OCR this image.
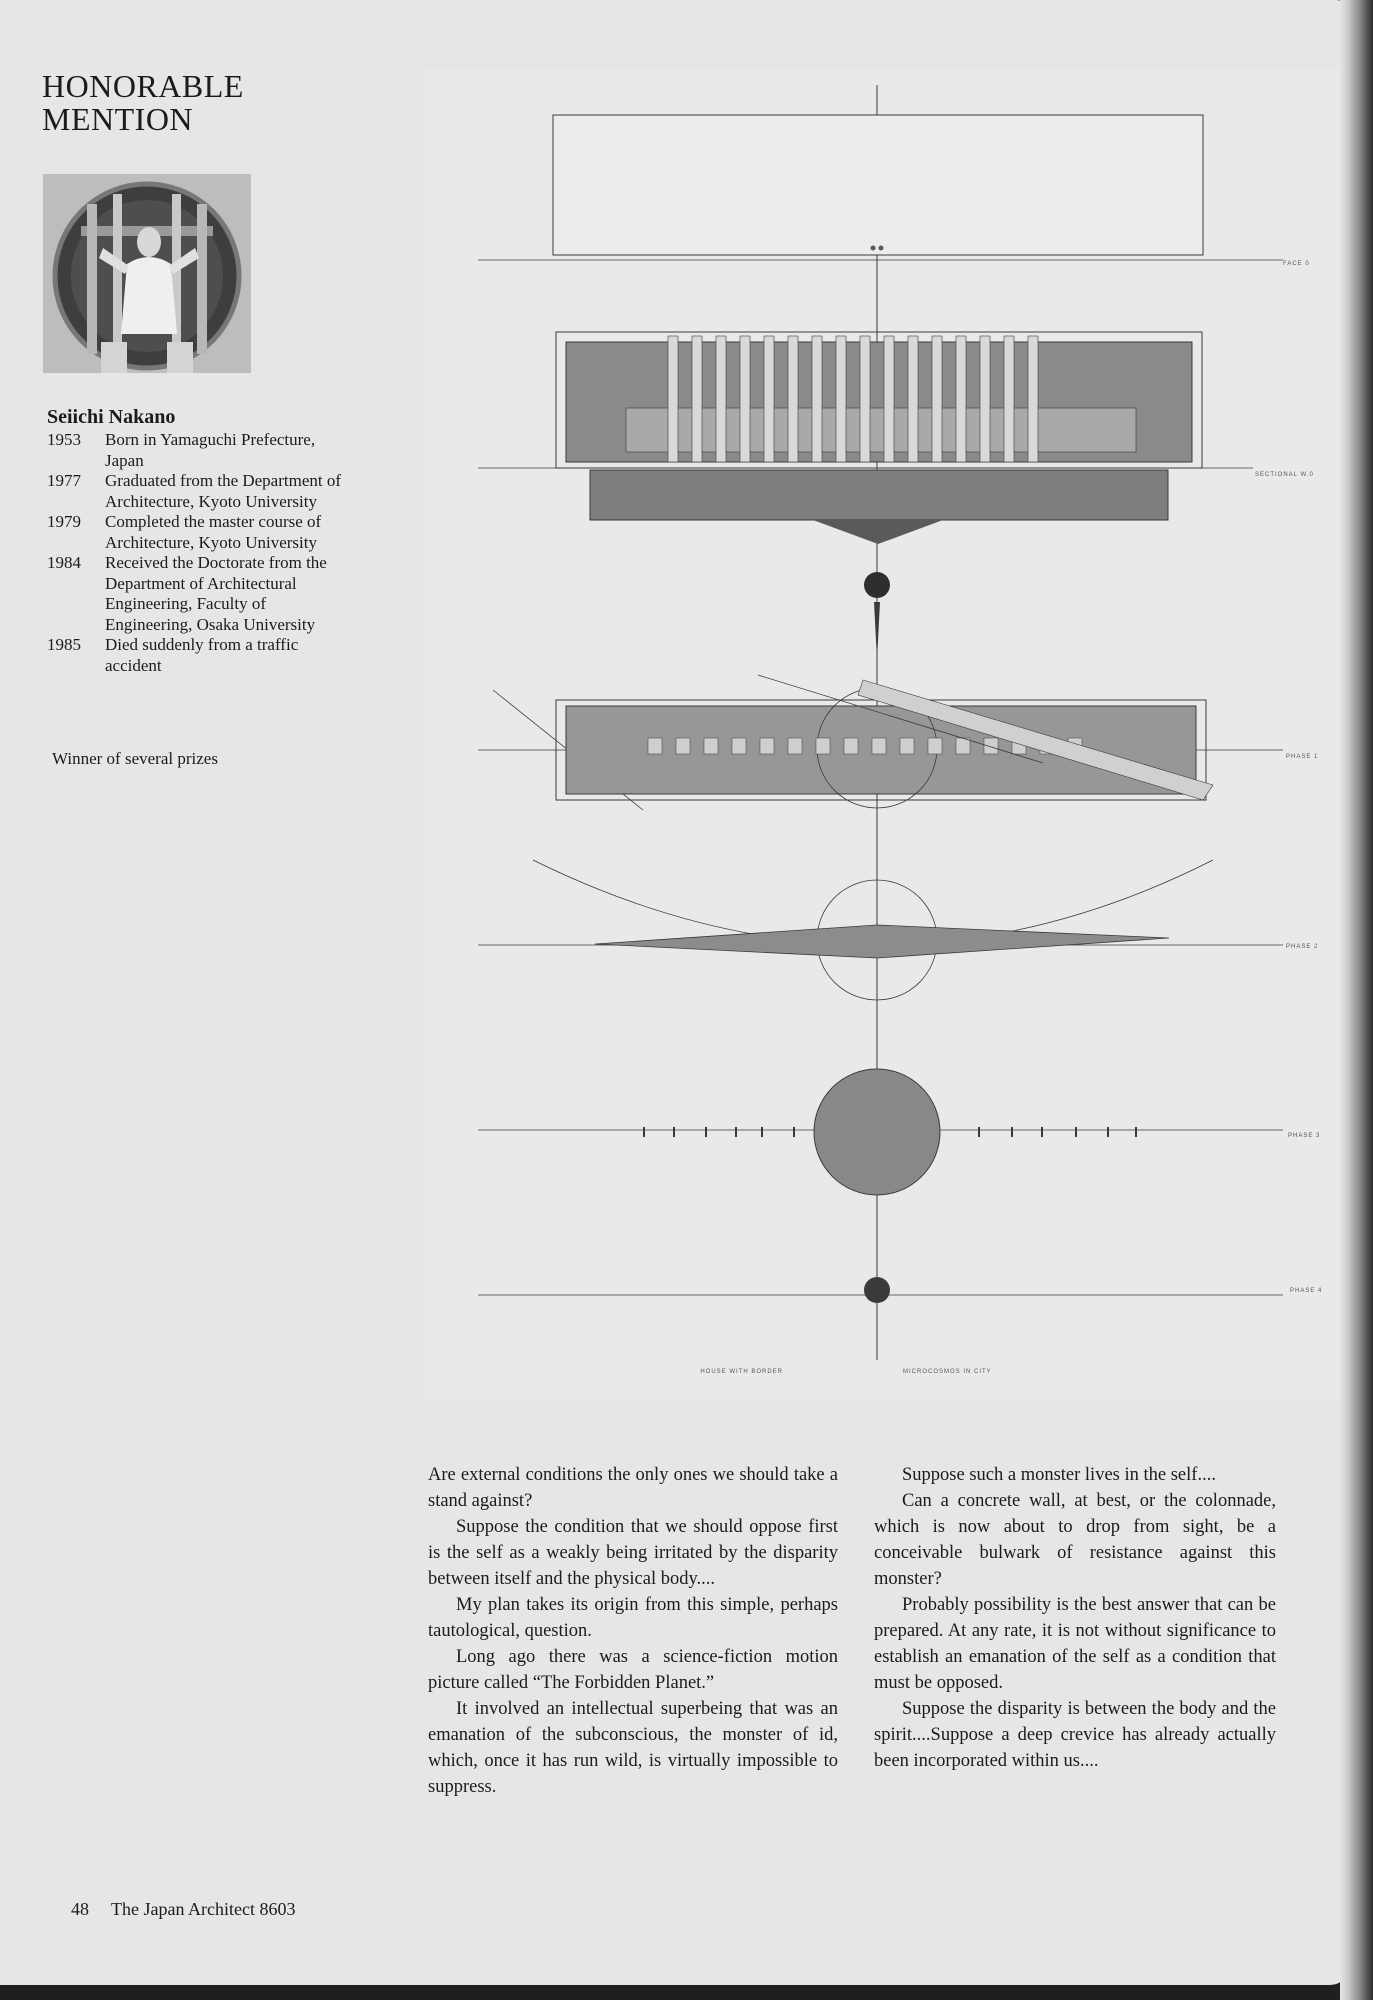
HONORABLE
MENTION
Seiichi Nakano
1953	Born in Yamaguchi Prefecture, Japan
1977	Graduated from the Department of Architecture, Kyoto University
1979	Completed the master course of Architecture, Kyoto University
1984	Received the Doctorate from the Department of Architectural Engineering, Faculty of Engineering, Osaka University
1985	Died suddenly from a traffic accident
Winner of several prizes
FACE 0
SECTIONAL W.0
PHASE 1
PHASE 2
PHASE 3
PHASE 4
HOUSE WITH BORDER	MICROCOSMOS IN CITY

Are external conditions the only ones we should take a stand against?

Suppose the condition that we should oppose first is the self as a weakly being irritated by the disparity between itself and the physical body....

My plan takes its origin from this simple, perhaps tautological, question.

Long ago there was a science-fiction motion picture called “The Forbidden Planet.”

It involved an intellectual superbeing that was an emanation of the subconscious, the monster of id, which, once it has run wild, is virtually impossible to suppress.

Suppose such a monster lives in the self....

Can a concrete wall, at best, or the colonnade, which is now about to drop from sight, be a conceivable bulwark of resistance against this monster?

Probably possibility is the best answer that can be prepared. At any rate, it is not without significance to establish an emanation of the self as a condition that must be opposed.

Suppose the disparity is between the body and the spirit....Suppose a deep crevice has already actually been incorporated within us....

48 The Japan Architect 8603
